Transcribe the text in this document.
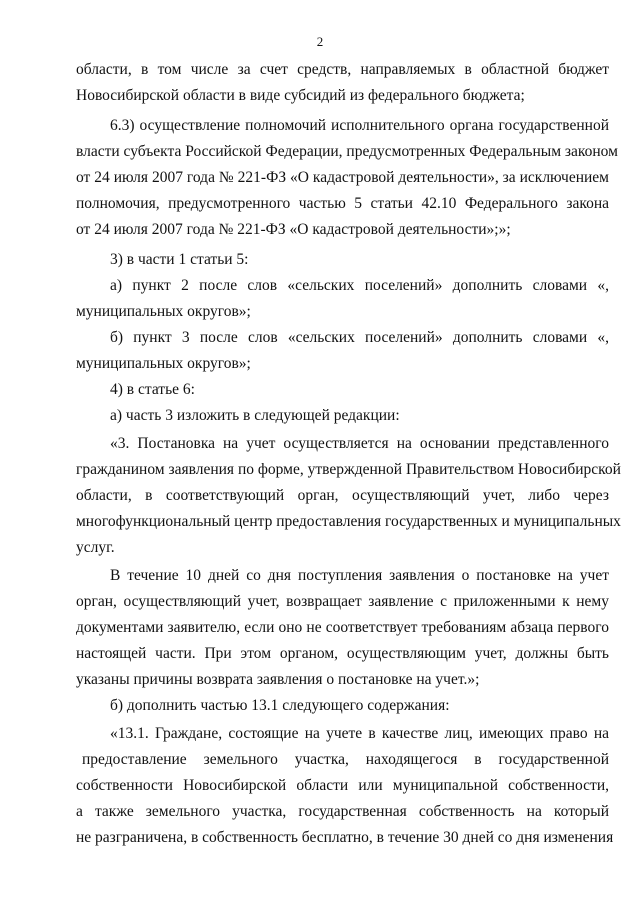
2
области, в том числе за счет средств, направляемых в областной бюджет
Новосибирской области в виде субсидий из федерального бюджета;
6.3) осуществление полномочий исполнительного органа государственной
власти субъекта Российской Федерации, предусмотренных Федеральным законом
от 24 июля 2007 года № 221-ФЗ «О кадастровой деятельности», за исключением
полномочия, предусмотренного частью 5 статьи 42.10 Федерального закона
от 24 июля 2007 года № 221-ФЗ «О кадастровой деятельности»;»;
3) в части 1 статьи 5:
а) пункт 2 после слов «сельских поселений» дополнить словами «,
муниципальных округов»;
б) пункт 3 после слов «сельских поселений» дополнить словами «,
муниципальных округов»;
4) в статье 6:
а) часть 3 изложить в следующей редакции:
«3. Постановка на учет осуществляется на основании представленного
гражданином заявления по форме, утвержденной Правительством Новосибирской
области, в соответствующий орган, осуществляющий учет, либо через
многофункциональный центр предоставления государственных и муниципальных
услуг.
В течение 10 дней со дня поступления заявления о постановке на учет
орган, осуществляющий учет, возвращает заявление с приложенными к нему
документами заявителю, если оно не соответствует требованиям абзаца первого
настоящей части. При этом органом, осуществляющим учет, должны быть
указаны причины возврата заявления о постановке на учет.»;
б) дополнить частью 13.1 следующего содержания:
«13.1. Граждане, состоящие на учете в качестве лиц, имеющих право на
предоставление земельного участка, находящегося в государственной
собственности Новосибирской области или муниципальной собственности,
а также земельного участка, государственная собственность на который
не разграничена, в собственность бесплатно, в течение 30 дней со дня изменения
